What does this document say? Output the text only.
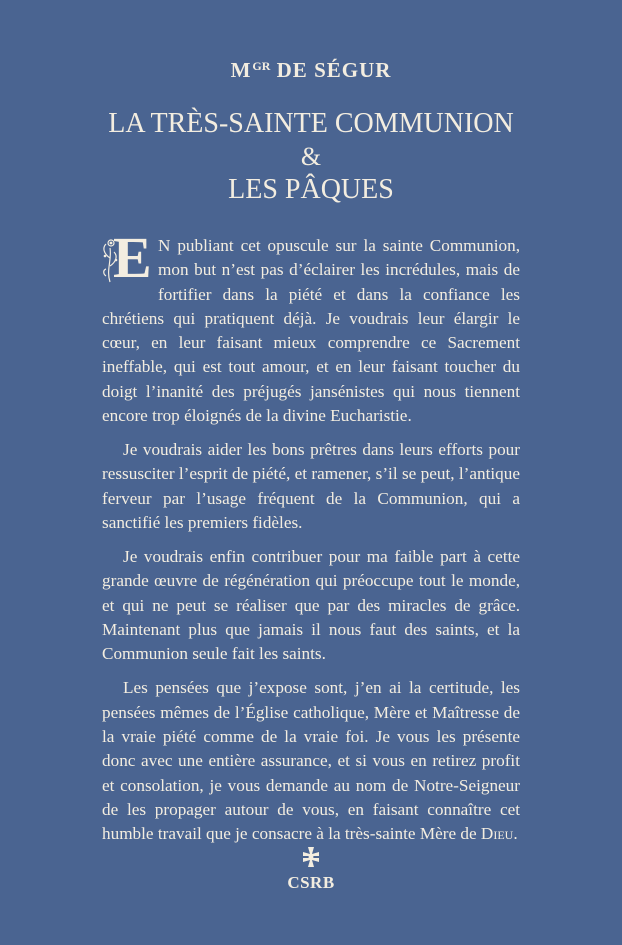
$M^{GR}$ DE SÉGUR
LA TRÈS-SAINTE COMMUNION
&
LES PÂQUES

E N publiant cet opuscule sur la sainte Communion, mon but n’est pas d’éclairer les incrédules, mais de fortifier dans la piété et dans la confiance les chrétiens qui pratiquent déjà. Je voudrais leur élargir le cœur, en leur faisant mieux comprendre ce Sacrement ineffable, qui est tout amour, et en leur faisant toucher du doigt l’inanité des préjugés jansénistes qui nous tiennent encore trop éloignés de la divine Eucharistie.

Je voudrais aider les bons prêtres dans leurs efforts pour ressusciter l’esprit de piété, et ramener, s’il se peut, l’antique ferveur par l’usage fréquent de la Communion, qui a sanctifié les premiers fidèles.

Je voudrais enfin contribuer pour ma faible part à cette grande œuvre de régénération qui préoccupe tout le monde, et qui ne peut se réaliser que par des miracles de grâce. Maintenant plus que jamais il nous faut des saints, et la Communion seule fait les saints.

Les pensées que j’expose sont, j’en ai la certitude, les pensées mêmes de l’Église catholique, Mère et Maîtresse de la vraie piété comme de la vraie foi. Je vous les présente donc avec une entière assurance, et si vous en retirez profit et consolation, je vous demande au nom de Notre-Seigneur de les propager autour de vous, en faisant connaître cet humble travail que je consacre à la très-sainte Mère de Dieu.

CSRB
